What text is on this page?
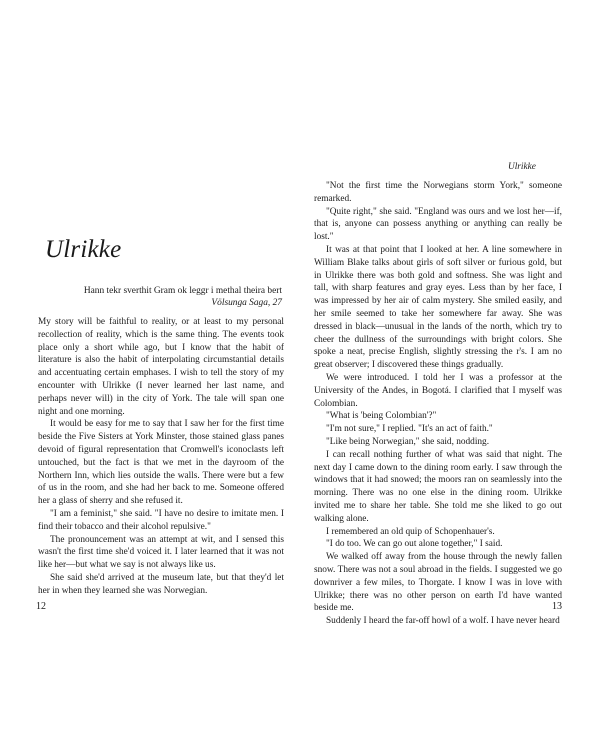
Ulrikke
Hann tekr sverthit Gram ok leggr i methal theira bert
Völsunga Saga, 27

My story will be faithful to reality, or at least to my personal recollection of reality, which is the same thing. The events took place only a short while ago, but I know that the habit of literature is also the habit of interpolating circumstantial details and accentuating certain emphases. I wish to tell the story of my encounter with Ulrikke (I never learned her last name, and perhaps never will) in the city of York. The tale will span one night and one morning.

It would be easy for me to say that I saw her for the first time beside the Five Sisters at York Minster, those stained glass panes devoid of figural representation that Cromwell's iconoclasts left untouched, but the fact is that we met in the dayroom of the Northern Inn, which lies outside the walls. There were but a few of us in the room, and she had her back to me. Someone offered her a glass of sherry and she refused it.

"I am a feminist," she said. "I have no desire to imitate men. I find their tobacco and their alcohol repulsive."

The pronouncement was an attempt at wit, and I sensed this wasn't the first time she'd voiced it. I later learned that it was not like her—but what we say is not always like us.

She said she'd arrived at the museum late, but that they'd let her in when they learned she was Norwegian.

12
Ulrikke

"Not the first time the Norwegians storm York," someone remarked.

"Quite right," she said. "England was ours and we lost her—if, that is, anyone can possess anything or anything can really be lost."

It was at that point that I looked at her. A line somewhere in William Blake talks about girls of soft silver or furious gold, but in Ulrikke there was both gold and softness. She was light and tall, with sharp features and gray eyes. Less than by her face, I was impressed by her air of calm mystery. She smiled easily, and her smile seemed to take her somewhere far away. She was dressed in black—unusual in the lands of the north, which try to cheer the dullness of the surroundings with bright colors. She spoke a neat, precise English, slightly stressing the r's. I am no great observer; I discovered these things gradually.

We were introduced. I told her I was a professor at the University of the Andes, in Bogotá. I clarified that I myself was Colombian.

"What is 'being Colombian'?"

"I'm not sure," I replied. "It's an act of faith."

"Like being Norwegian," she said, nodding.

I can recall nothing further of what was said that night. The next day I came down to the dining room early. I saw through the windows that it had snowed; the moors ran on seamlessly into the morning. There was no one else in the dining room. Ulrikke invited me to share her table. She told me she liked to go out walking alone.

I remembered an old quip of Schopenhauer's.

"I do too. We can go out alone together," I said.

We walked off away from the house through the newly fallen snow. There was not a soul abroad in the fields. I suggested we go downriver a few miles, to Thorgate. I know I was in love with Ulrikke; there was no other person on earth I'd have wanted beside me.

Suddenly I heard the far-off howl of a wolf. I have never heard

13
